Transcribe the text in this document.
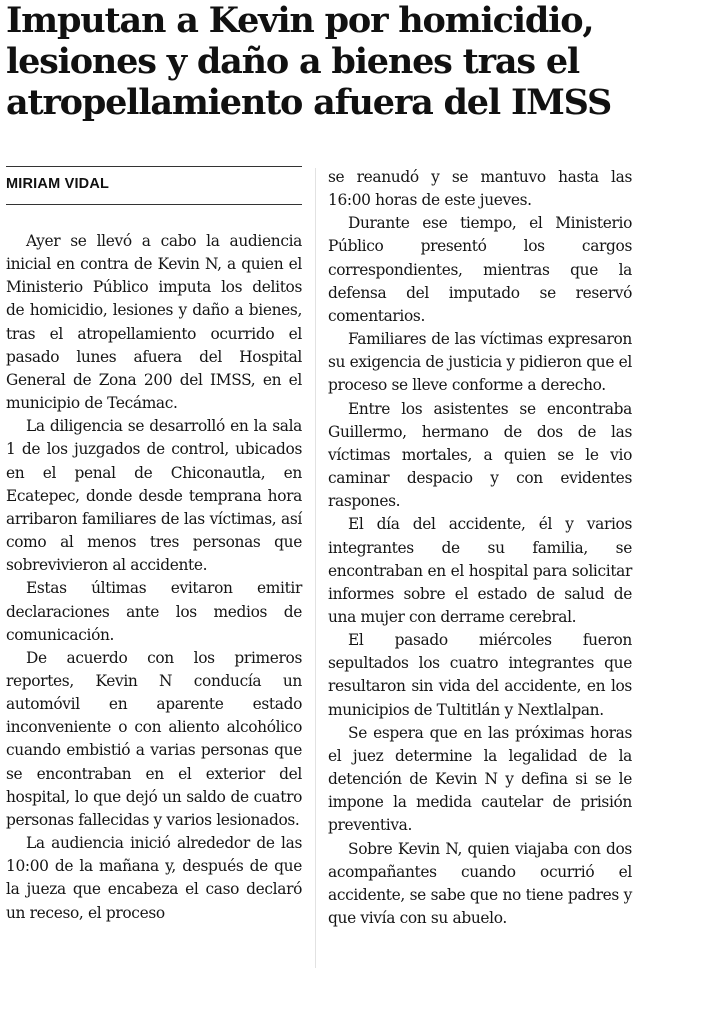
Imputan a Kevin por homicidio, lesiones y daño a bienes tras el atropellamiento afuera del IMSS
MIRIAM VIDAL

Ayer se llevó a cabo la audiencia inicial en contra de Kevin N, a quien el Ministerio Público imputa los delitos de homicidio, lesiones y daño a bienes, tras el atropellamiento ocurrido el pasado lunes afuera del Hospital General de Zona 200 del IMSS, en el municipio de Tecámac.

La diligencia se desarrolló en la sala 1 de los juzgados de control, ubicados en el penal de Chiconautla, en Ecatepec, donde desde temprana hora arribaron familiares de las víctimas, así como al menos tres personas que sobrevivieron al accidente.

Estas últimas evitaron emitir declaraciones ante los medios de comunicación.

De acuerdo con los primeros reportes, Kevin N conducía un automóvil en aparente estado inconveniente o con aliento alcohólico cuando embistió a varias personas que se encontraban en el exterior del hospital, lo que dejó un saldo de cuatro personas fallecidas y varios lesionados.

La audiencia inició alrededor de las 10:00 de la mañana y, después de que la jueza que encabeza el caso declaró un receso, el proceso

se reanudó y se mantuvo hasta las 16:00 horas de este jueves.

Durante ese tiempo, el Ministerio Público presentó los cargos correspondientes, mientras que la defensa del imputado se reservó comentarios.

Familiares de las víctimas expresaron su exigencia de justicia y pidieron que el proceso se lleve conforme a derecho.

Entre los asistentes se encontraba Guillermo, hermano de dos de las víctimas mortales, a quien se le vio caminar despacio y con evidentes raspones.

El día del accidente, él y varios integrantes de su familia, se encontraban en el hospital para solicitar informes sobre el estado de salud de una mujer con derrame cerebral.

El pasado miércoles fueron sepultados los cuatro integrantes que resultaron sin vida del accidente, en los municipios de Tultitlán y Nextlalpan.

Se espera que en las próximas horas el juez determine la legalidad de la detención de Kevin N y defina si se le impone la medida cautelar de prisión preventiva.

Sobre Kevin N, quien viajaba con dos acompañantes cuando ocurrió el accidente, se sabe que no tiene padres y que vivía con su abuelo.
